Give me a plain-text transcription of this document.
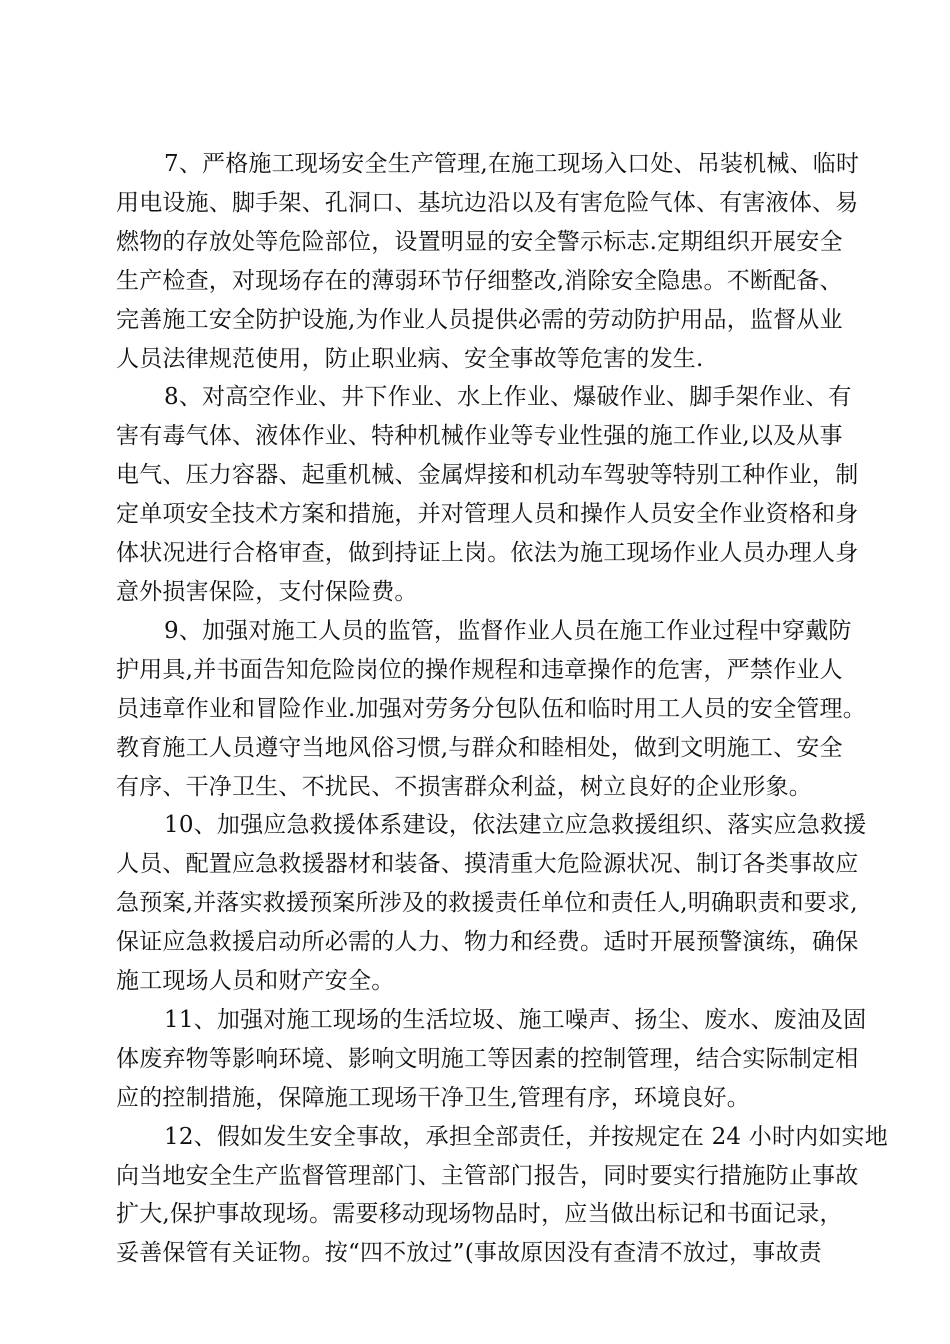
7、严格施工现场安全生产管理,在施工现场入口处、吊装机械、临时
用电设施、脚手架、孔洞口、基坑边沿以及有害危险气体、有害液体、易
燃物的存放处等危险部位，设置明显的安全警示标志.定期组织开展安全
生产检查，对现场存在的薄弱环节仔细整改,消除安全隐患。不断配备、
完善施工安全防护设施,为作业人员提供必需的劳动防护用品，监督从业
人员法律规范使用，防止职业病、安全事故等危害的发生.
8、对高空作业、井下作业、水上作业、爆破作业、脚手架作业、有
害有毒气体、液体作业、特种机械作业等专业性强的施工作业,以及从事
电气、压力容器、起重机械、金属焊接和机动车驾驶等特别工种作业，制
定单项安全技术方案和措施，并对管理人员和操作人员安全作业资格和身
体状况进行合格审查，做到持证上岗。依法为施工现场作业人员办理人身
意外损害保险，支付保险费。
9、加强对施工人员的监管，监督作业人员在施工作业过程中穿戴防
护用具,并书面告知危险岗位的操作规程和违章操作的危害，严禁作业人
员违章作业和冒险作业.加强对劳务分包队伍和临时用工人员的安全管理。
教育施工人员遵守当地风俗习惯,与群众和睦相处，做到文明施工、安全
有序、干净卫生、不扰民、不损害群众利益，树立良好的企业形象。
10、加强应急救援体系建设，依法建立应急救援组织、落实应急救援
人员、配置应急救援器材和装备、摸清重大危险源状况、制订各类事故应
急预案,并落实救援预案所涉及的救援责任单位和责任人,明确职责和要求,
保证应急救援启动所必需的人力、物力和经费。适时开展预警演练，确保
施工现场人员和财产安全。
11、加强对施工现场的生活垃圾、施工噪声、扬尘、废水、废油及固
体废弃物等影响环境、影响文明施工等因素的控制管理，结合实际制定相
应的控制措施，保障施工现场干净卫生,管理有序，环境良好。
12、假如发生安全事故，承担全部责任，并按规定在 24 小时内如实地
向当地安全生产监督管理部门、主管部门报告，同时要实行措施防止事故
扩大,保护事故现场。需要移动现场物品时，应当做出标记和书面记录，
妥善保管有关证物。按“四不放过”(事故原因没有查清不放过，事故责
